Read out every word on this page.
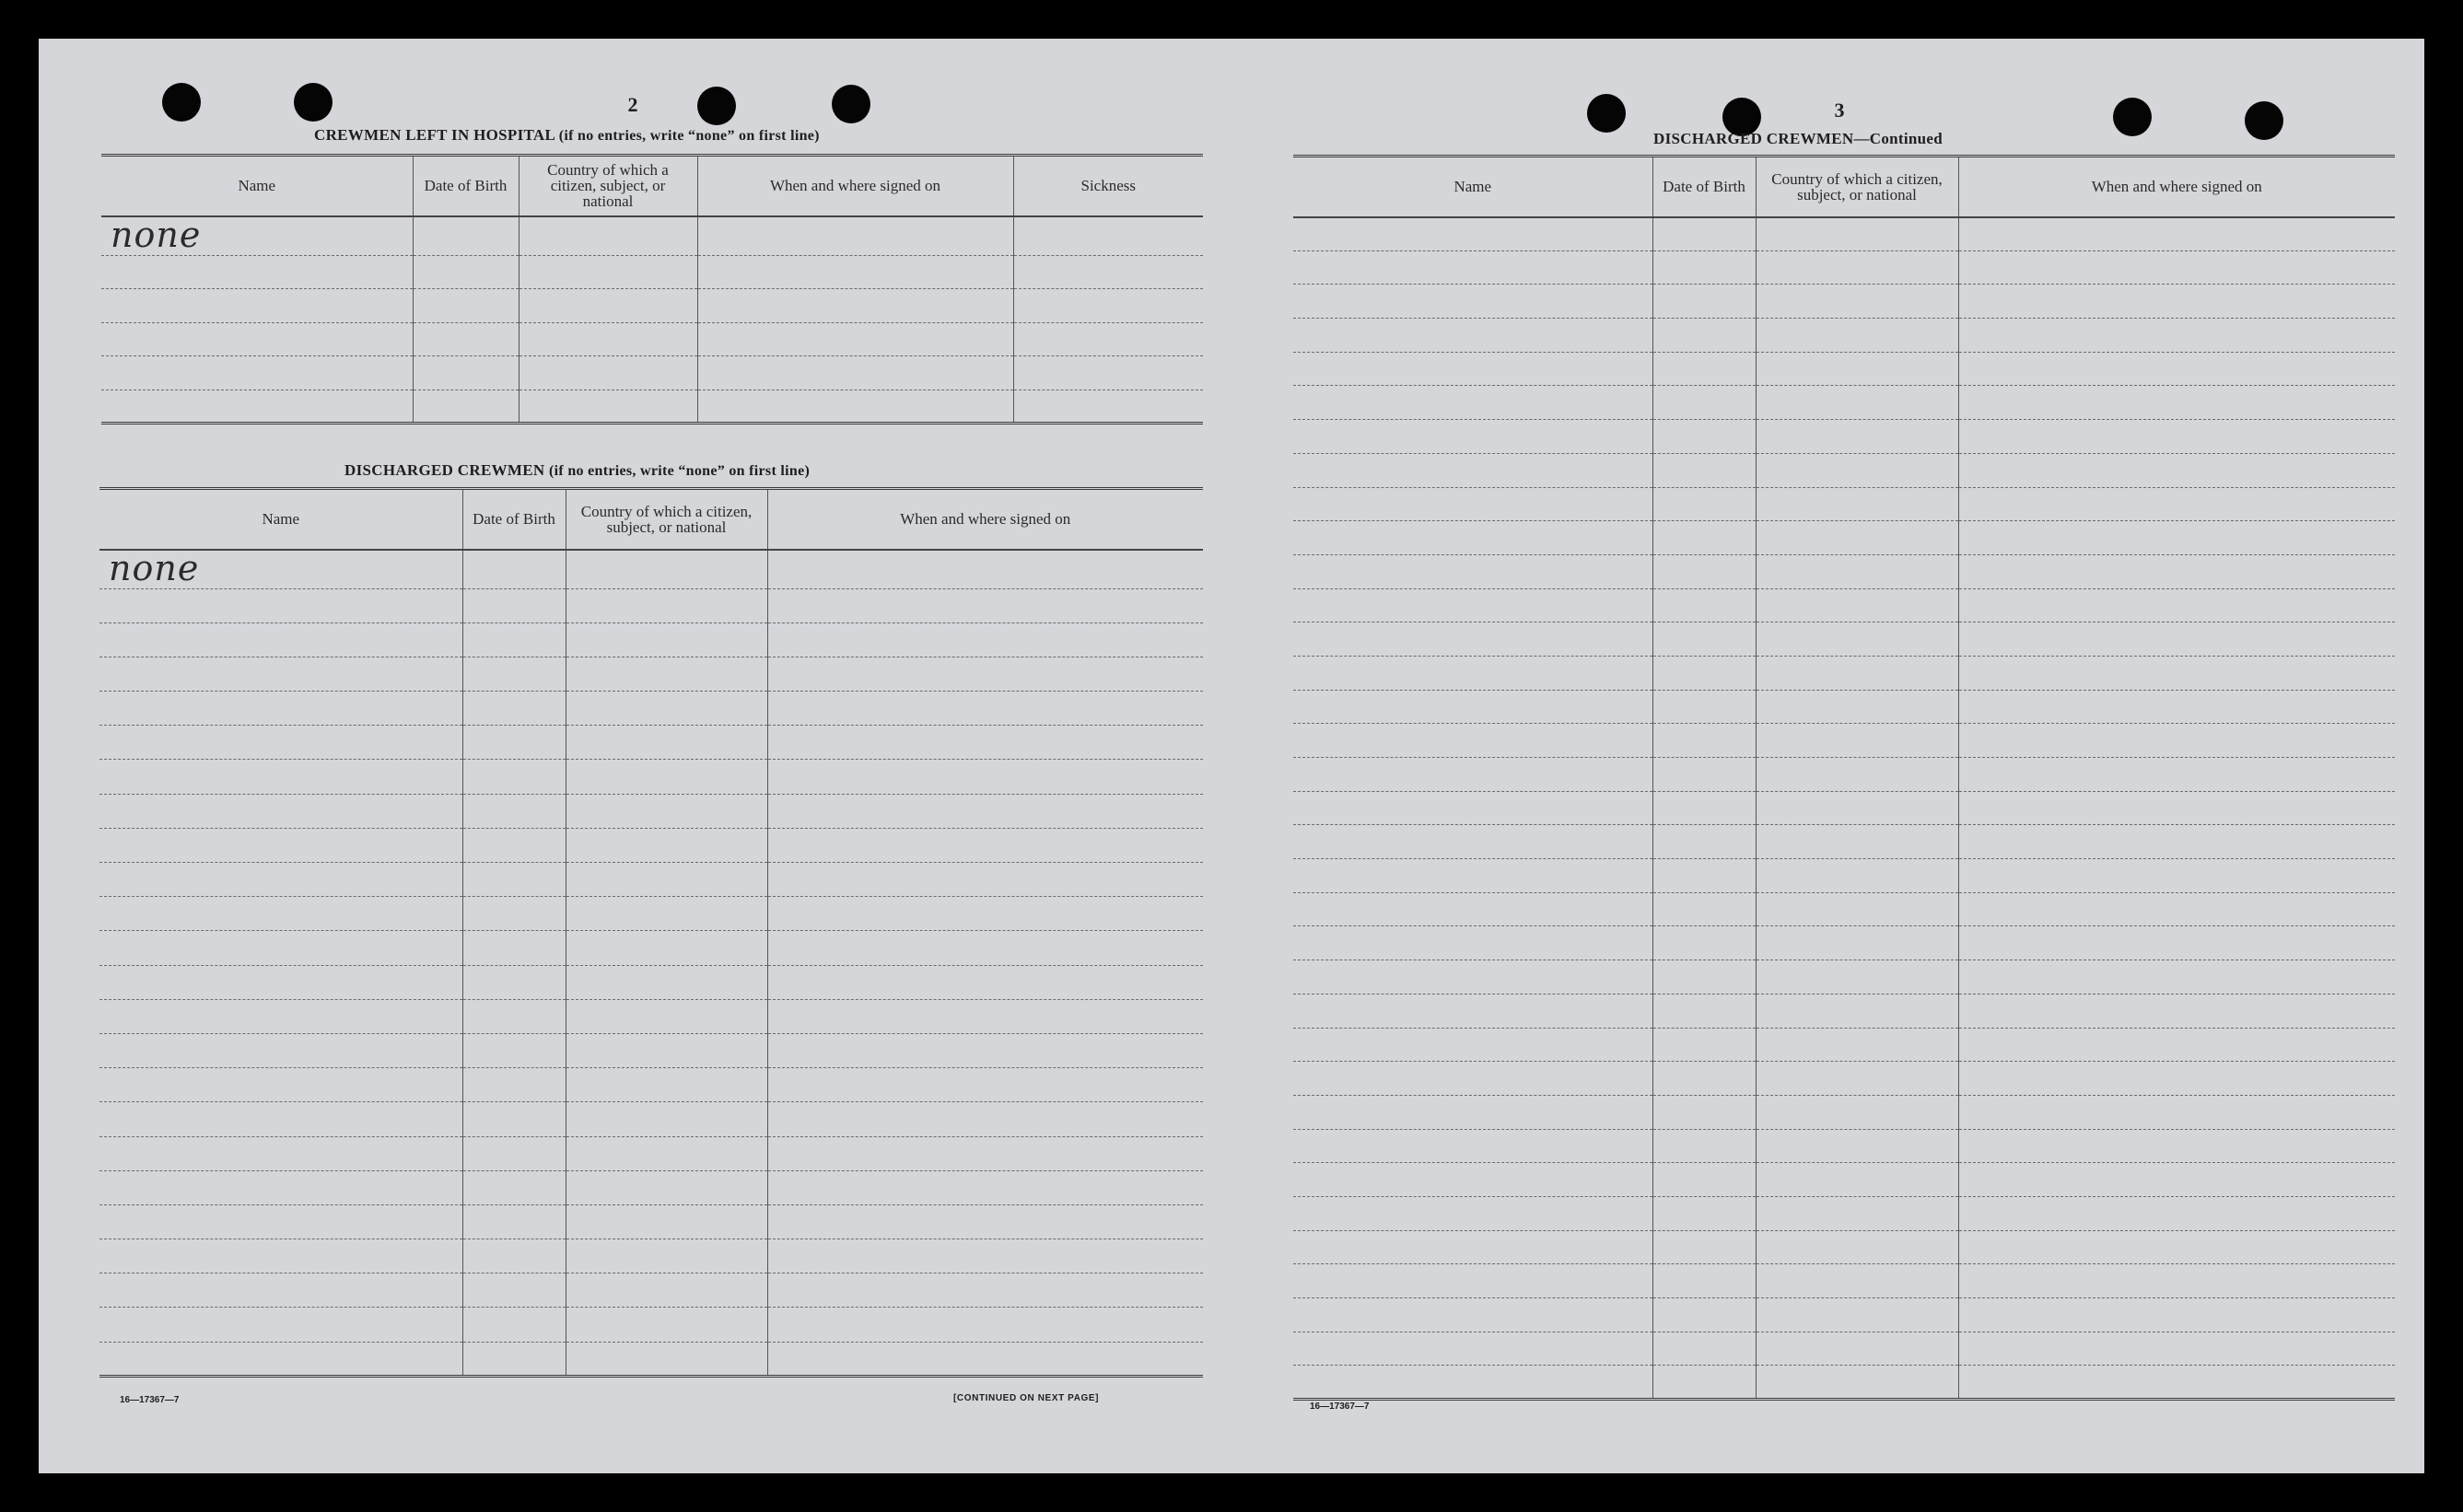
2
CREWMEN LEFT IN HOSPITAL (if no entries, write “none” on first line)
Name	Date of Birth	Country of which a citizen, subject, or national	When and where signed on	Sickness
none				

DISCHARGED CREWMEN (if no entries, write “none” on first line)
Name	Date of Birth	Country of which a citizen, subject, or national	When and where signed on
none			

16—17367—7	[CONTINUED ON NEXT PAGE]
3
DISCHARGED CREWMEN—Continued
Name	Date of Birth	Country of which a citizen, subject, or national	When and where signed on

16—17367—7
